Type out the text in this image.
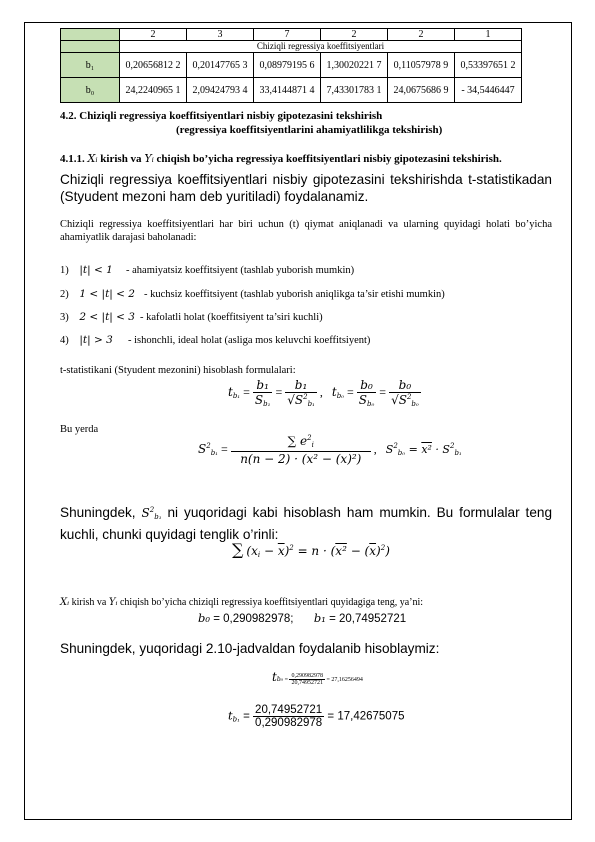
	2	3	7	2	2	1
	Chiziqli regressiya koeffitsiyentlari					
b₁	0,20656812 2	0,20147765 3	0,08979195 6	1,30020221 7	0,11057978 9	0,53397651 2
b₀	24,2240965 1	2,09424793 4	33,4144871 4	7,43301783 1	24,0675686 9	- 34,5446447
4.2. Chiziqli regressiya koeffitsiyentlari nisbiy gipotezasini tekshirish
(regressiya koeffitsiyentlarini ahamiyatlilikga tekshirish)
4.1.1. Xᵢ kirish va Yᵢ chiqish bo’yicha regressiya koeffitsiyentlari nisbiy gipotezasini tekshirish.
Chiziqli regressiya koeffitsiyentlari nisbiy gipotezasini tekshirishda t-statistikadan (Styudent mezoni ham deb yuritiladi) foydalanamiz.
Chiziqli regressiya koeffitsiyentlari har biri uchun (t) qiymat aniqlanadi va ularning quyidagi holati bo’yicha ahamiyatlik darajasi baholanadi:
1) |t| < 1 - ahamiyatsiz koeffitsiyent (tashlab yuborish mumkin)
2) 1 < |t| < 2 - kuchsiz koeffitsiyent (tashlab yuborish aniqlikga ta’sir etishi mumkin)
3) 2 < |t| < 3 - kafolatli holat (koeffitsiyent ta’siri kuchli)
4) |t| > 3 - ishonchli, ideal holat (asliga mos keluvchi koeffitsiyent)
t-statistikani (Styudent mezonini) hisoblash formulalari:
$t_{b_1} = \frac{\text{b₁}}{S_{b_1}} = \frac{\text{b₁}}{√S^2_{b_1}}$ ,   $t_{b_0} = \frac{\text{b₀}}{S_{b_0}} = \frac{\text{b₀}}{√S^2_{b_0}}$
Bu yerda
$S^2_{b_1} = \frac{\sum e^2_i}{n(n - 2) \cdot (x^2 - (\overline{x})^2)}$ ,   $S^2_{b_0} = x^2 \cdot S^2_{b_1}$
Shuningdek, $S^2_{b_1}$ ni yuqoridagi kabi hisoblash ham mumkin. Bu formulalar teng kuchli, chunki quyidagi tenglik o’rinli:
∑ $(x_i - \overline{x})^2 = n \cdot (x^2 - (\overline{x})^2)$
Xᵢ kirish va Yᵢ chiqish bo’yicha chiziqli regressiya koeffitsiyentlari quyidagiga teng, ya’ni:
b₀ = 0,290982978; b₁ = 20,74952721
Shuningdek, yuqoridagi 2.10-jadvaldan foydalanib hisoblaymiz:
$tb_0 = \frac{0,290982978}{20,74952721} = 27,16256494$
$t_{b_1} = \frac{20,74952721}{0,290982978} = 17,42675075$
